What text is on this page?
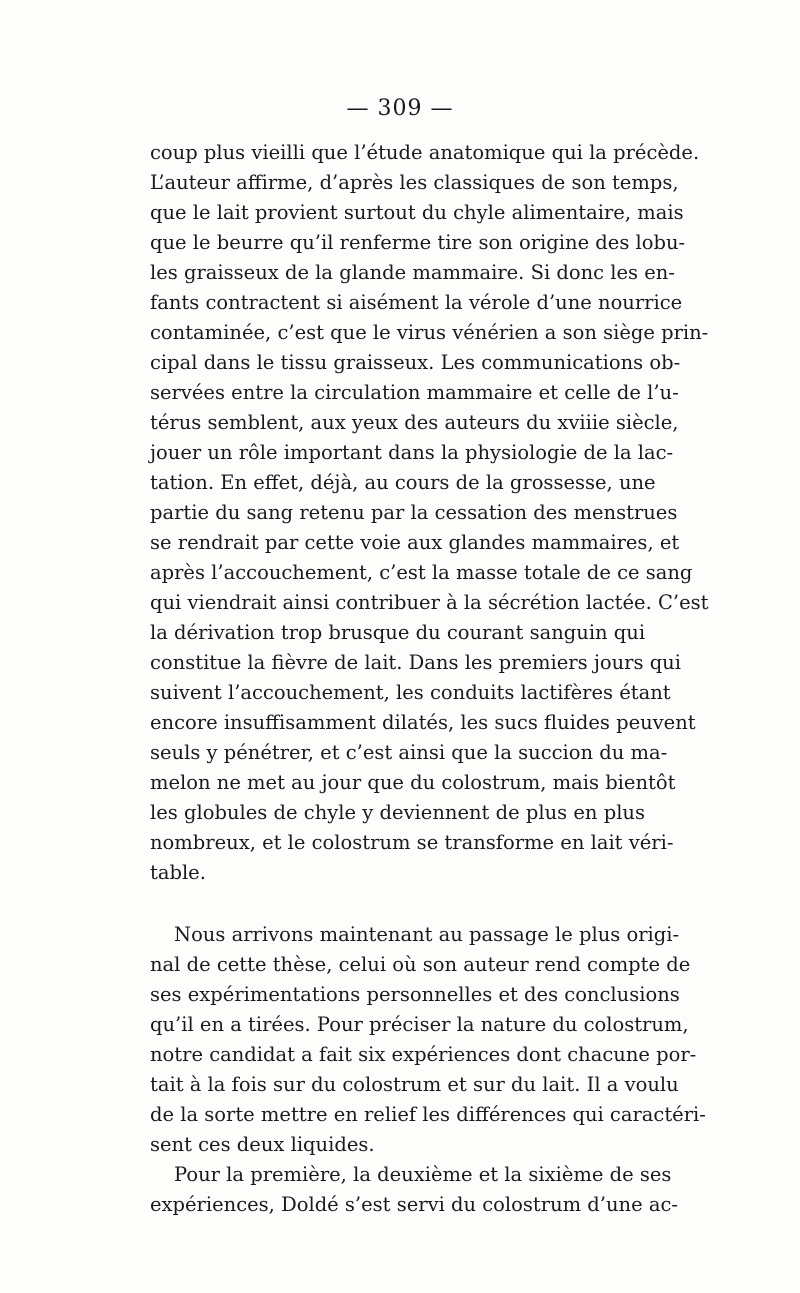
— 309 —
coup plus vieilli que l’étude anatomique qui la précède.
L’auteur affirme, d’après les classiques de son temps,
que le lait provient surtout du chyle alimentaire, mais
que le beurre qu’il renferme tire son origine des lobu-
les graisseux de la glande mammaire. Si donc les en-
fants contractent si aisément la vérole d’une nourrice
contaminée, c’est que le virus vénérien a son siège prin-
cipal dans le tissu graisseux. Les communications ob-
servées entre la circulation mammaire et celle de l’u-
térus semblent, aux yeux des auteurs du xviiie siècle,
jouer un rôle important dans la physiologie de la lac-
tation. En effet, déjà, au cours de la grossesse, une
partie du sang retenu par la cessation des menstrues
se rendrait par cette voie aux glandes mammaires, et
après l’accouchement, c’est la masse totale de ce sang
qui viendrait ainsi contribuer à la sécrétion lactée. C’est
la dérivation trop brusque du courant sanguin qui
constitue la fièvre de lait. Dans les premiers jours qui
suivent l’accouchement, les conduits lactifères étant
encore insuffisamment dilatés, les sucs fluides peuvent
seuls y pénétrer, et c’est ainsi que la succion du ma-
melon ne met au jour que du colostrum, mais bientôt
les globules de chyle y deviennent de plus en plus
nombreux, et le colostrum se transforme en lait véri-
table.
Nous arrivons maintenant au passage le plus origi-
nal de cette thèse, celui où son auteur rend compte de
ses expérimentations personnelles et des conclusions
qu’il en a tirées. Pour préciser la nature du colostrum,
notre candidat a fait six expériences dont chacune por-
tait à la fois sur du colostrum et sur du lait. Il a voulu
de la sorte mettre en relief les différences qui caractéri-
sent ces deux liquides.
Pour la première, la deuxième et la sixième de ses
expériences, Doldé s’est servi du colostrum d’une ac-
